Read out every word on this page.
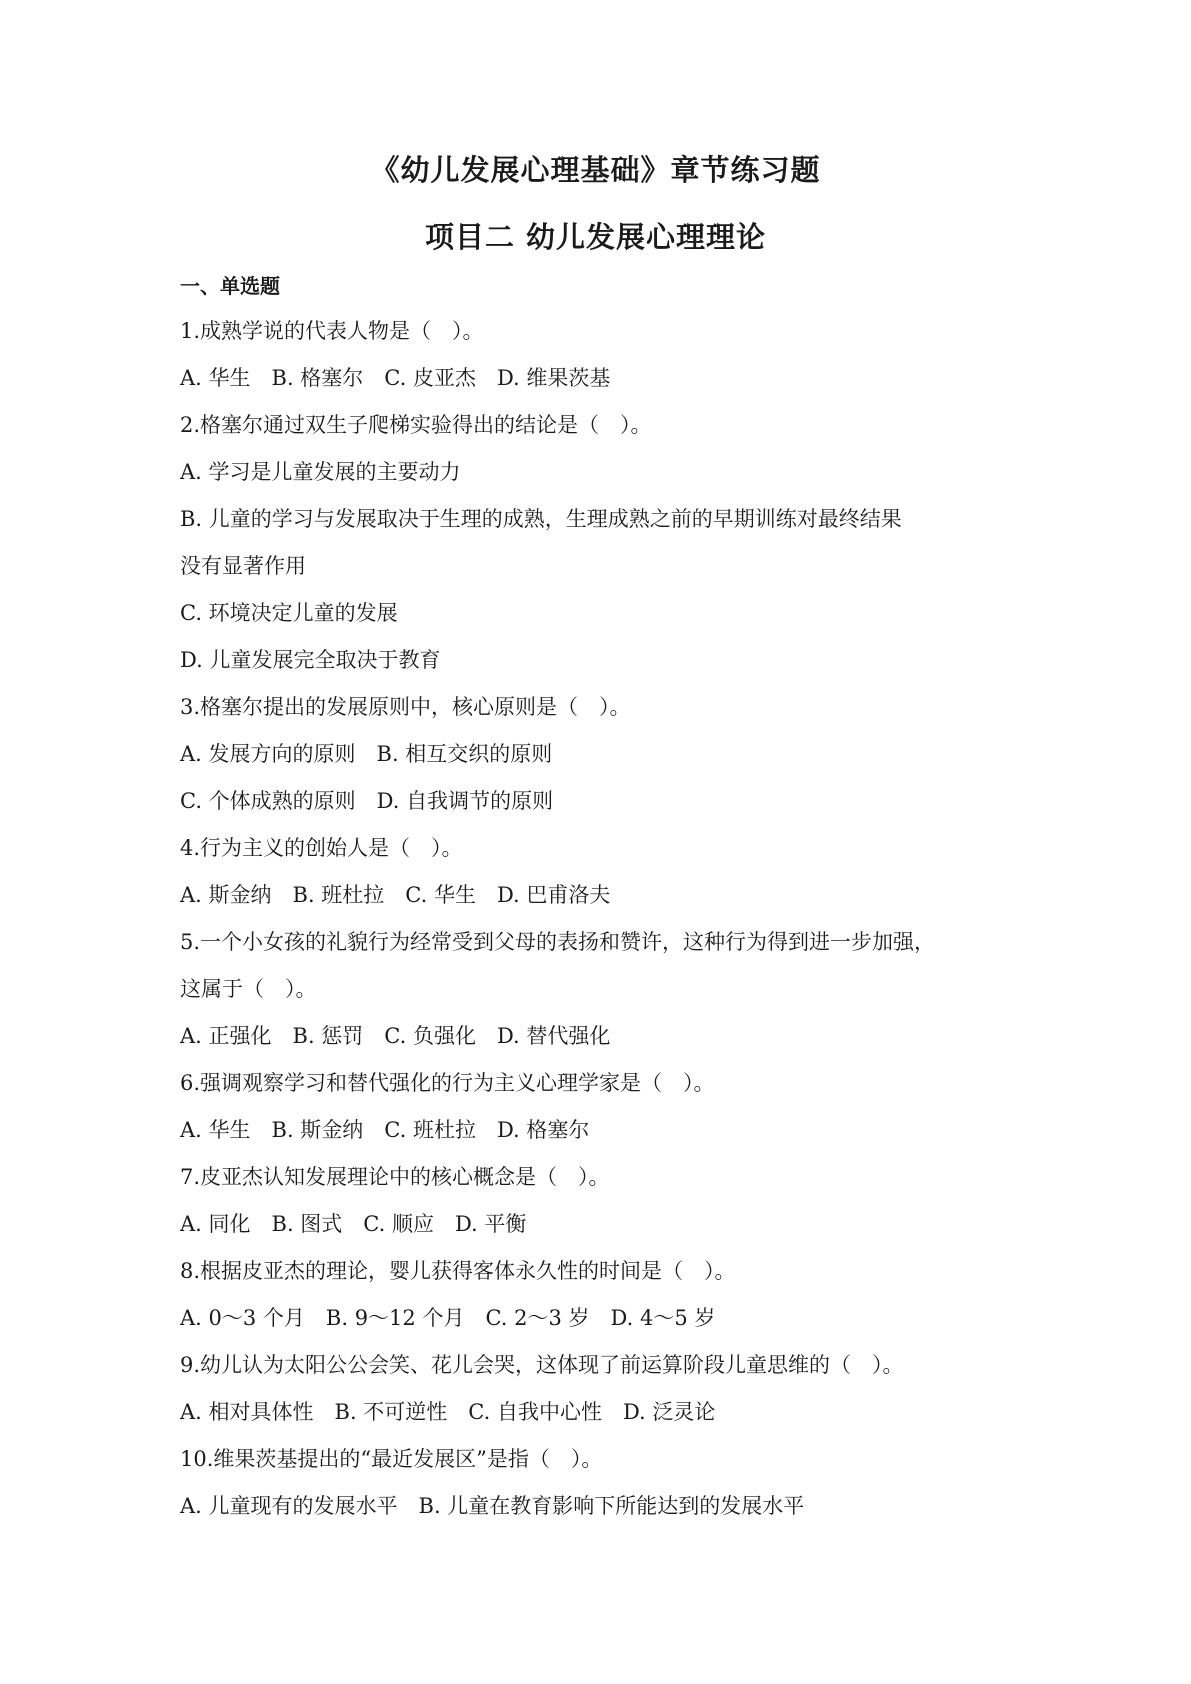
《幼儿发展心理基础》章节练习题
项目二 幼儿发展心理理论
一、单选题
1.成熟学说的代表人物是（　）。
A. 华生　B. 格塞尔　C. 皮亚杰　D. 维果茨基
2.格塞尔通过双生子爬梯实验得出的结论是（　）。
A. 学习是儿童发展的主要动力
B. 儿童的学习与发展取决于生理的成熟，生理成熟之前的早期训练对最终结果
没有显著作用
C. 环境决定儿童的发展
D. 儿童发展完全取决于教育
3.格塞尔提出的发展原则中，核心原则是（　）。
A. 发展方向的原则　B. 相互交织的原则
C. 个体成熟的原则　D. 自我调节的原则
4.行为主义的创始人是（　）。
A. 斯金纳　B. 班杜拉　C. 华生　D. 巴甫洛夫
5.一个小女孩的礼貌行为经常受到父母的表扬和赞许，这种行为得到进一步加强，
这属于（　）。
A. 正强化　B. 惩罚　C. 负强化　D. 替代强化
6.强调观察学习和替代强化的行为主义心理学家是（　）。
A. 华生　B. 斯金纳　C. 班杜拉　D. 格塞尔
7.皮亚杰认知发展理论中的核心概念是（　）。
A. 同化　B. 图式　C. 顺应　D. 平衡
8.根据皮亚杰的理论，婴儿获得客体永久性的时间是（　）。
A. 0～3 个月　B. 9～12 个月　C. 2～3 岁　D. 4～5 岁
9.幼儿认为太阳公公会笑、花儿会哭，这体现了前运算阶段儿童思维的（　）。
A. 相对具体性　B. 不可逆性　C. 自我中心性　D. 泛灵论
10.维果茨基提出的“最近发展区”是指（　）。
A. 儿童现有的发展水平　B. 儿童在教育影响下所能达到的发展水平
